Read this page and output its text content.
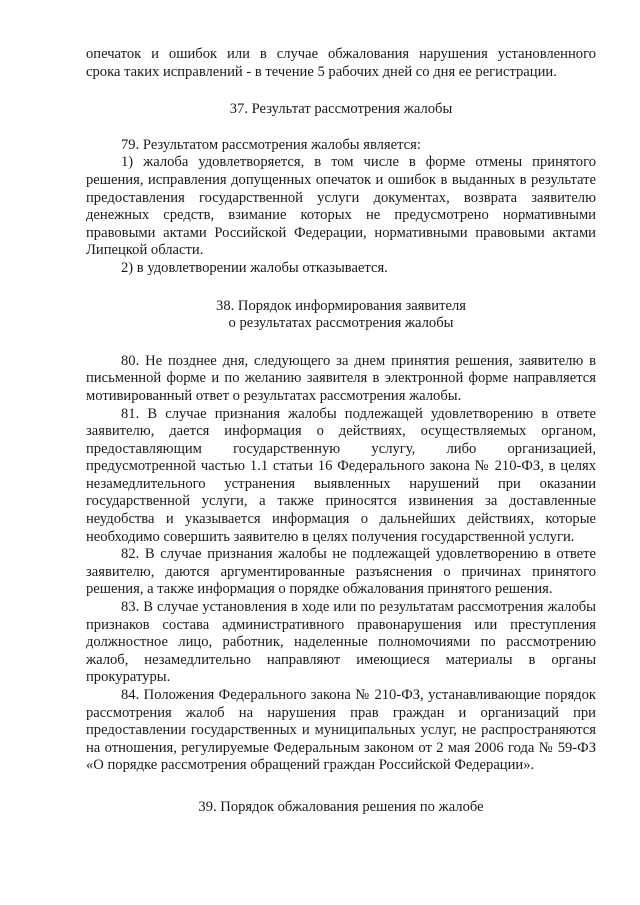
опечаток и ошибок или в случае обжалования нарушения установленного

срока таких исправлений - в течение 5 рабочих дней со дня ее регистрации.

37. Результат рассмотрения жалобы

79. Результатом рассмотрения жалобы является:

1) жалоба удовлетворяется, в том числе в форме отмены принятого решения, исправления допущенных опечаток и ошибок в выданных в результате предоставления государственной услуги документах, возврата заявителю денежных средств, взимание которых не предусмотрено нормативными правовыми актами Российской Федерации, нормативными правовыми актами Липецкой области.

2) в удовлетворении жалобы отказывается.

38. Порядок информирования заявителя

о результатах рассмотрения жалобы

80. Не позднее дня, следующего за днем принятия решения, заявителю в письменной форме и по желанию заявителя в электронной форме направляется мотивированный ответ о результатах рассмотрения жалобы.

81. В случае признания жалобы подлежащей удовлетворению в ответе заявителю, дается информация о действиях, осуществляемых органом, предоставляющим государственную услугу, либо организацией, предусмотренной частью 1.1 статьи 16 Федерального закона № 210-ФЗ, в целях незамедлительного устранения выявленных нарушений при оказании государственной услуги, а также приносятся извинения за доставленные неудобства и указывается информация о дальнейших действиях, которые необходимо совершить заявителю в целях получения государственной услуги.

82. В случае признания жалобы не подлежащей удовлетворению в ответе заявителю, даются аргументированные разъяснения о причинах принятого решения, а также информация о порядке обжалования принятого решения.

83. В случае установления в ходе или по результатам рассмотрения жалобы признаков состава административного правонарушения или преступления должностное лицо, работник, наделенные полномочиями по рассмотрению жалоб, незамедлительно направляют имеющиеся материалы в органы прокуратуры.

84. Положения Федерального закона № 210-ФЗ, устанавливающие порядок рассмотрения жалоб на нарушения прав граждан и организаций при предоставлении государственных и муниципальных услуг, не распространяются на отношения, регулируемые Федеральным законом от 2 мая 2006 года № 59-ФЗ «О порядке рассмотрения обращений граждан Российской Федерации».

39. Порядок обжалования решения по жалобе
